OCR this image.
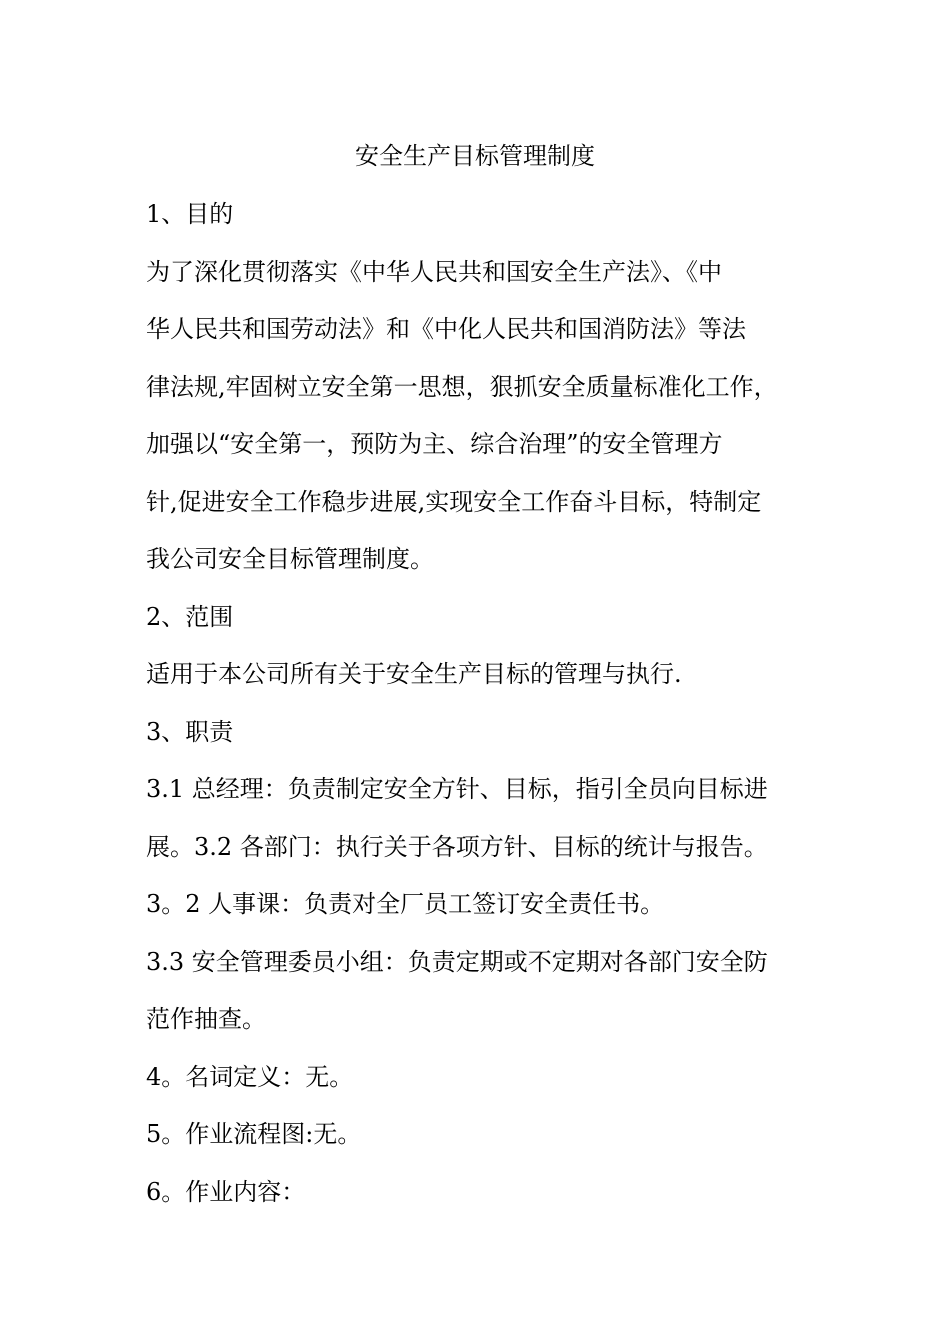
安全生产目标管理制度

1、目的

为了深化贯彻落实《中华人民共和国安全生产法》、《中

华人民共和国劳动法》和《中化人民共和国消防法》等法

律法规,牢固树立安全第一思想，狠抓安全质量标准化工作，

加强以“安全第一，预防为主、综合治理”的安全管理方

针,促进安全工作稳步进展,实现安全工作奋斗目标，特制定

我公司安全目标管理制度。

2、范围

适用于本公司所有关于安全生产目标的管理与执行.

3、职责

3.1 总经理：负责制定安全方针、目标，指引全员向目标进

展。3.2 各部门：执行关于各项方针、目标的统计与报告。

3。2 人事课：负责对全厂员工签订安全责任书。

3.3 安全管理委员小组：负责定期或不定期对各部门安全防

范作抽查。

4。名词定义：无。

5。作业流程图:无。

6。作业内容：
